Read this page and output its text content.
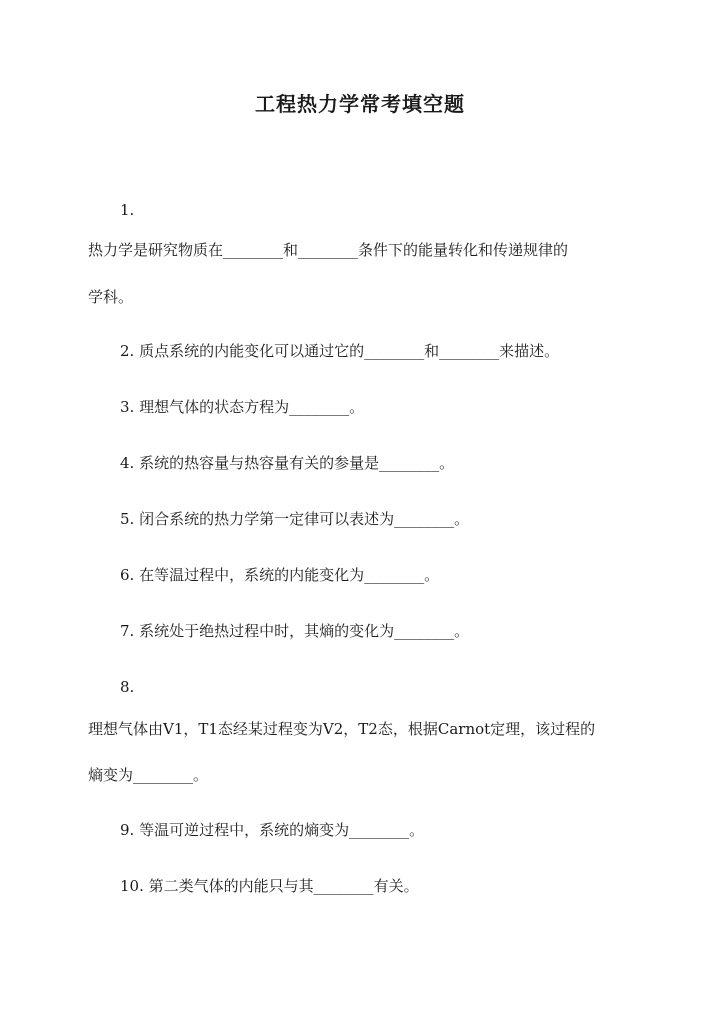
工程热力学常考填空题
1.
热力学是研究物质在________和________条件下的能量转化和传递规律的
学科。
2. 质点系统的内能变化可以通过它的________和________来描述。
3. 理想气体的状态方程为________。
4. 系统的热容量与热容量有关的参量是________。
5. 闭合系统的热力学第一定律可以表述为________。
6. 在等温过程中，系统的内能变化为________。
7. 系统处于绝热过程中时，其熵的变化为________。
8.
理想气体由V1，T1态经某过程变为V2，T2态，根据Carnot定理，该过程的
熵变为________。
9. 等温可逆过程中，系统的熵变为________。
10. 第二类气体的内能只与其________有关。
